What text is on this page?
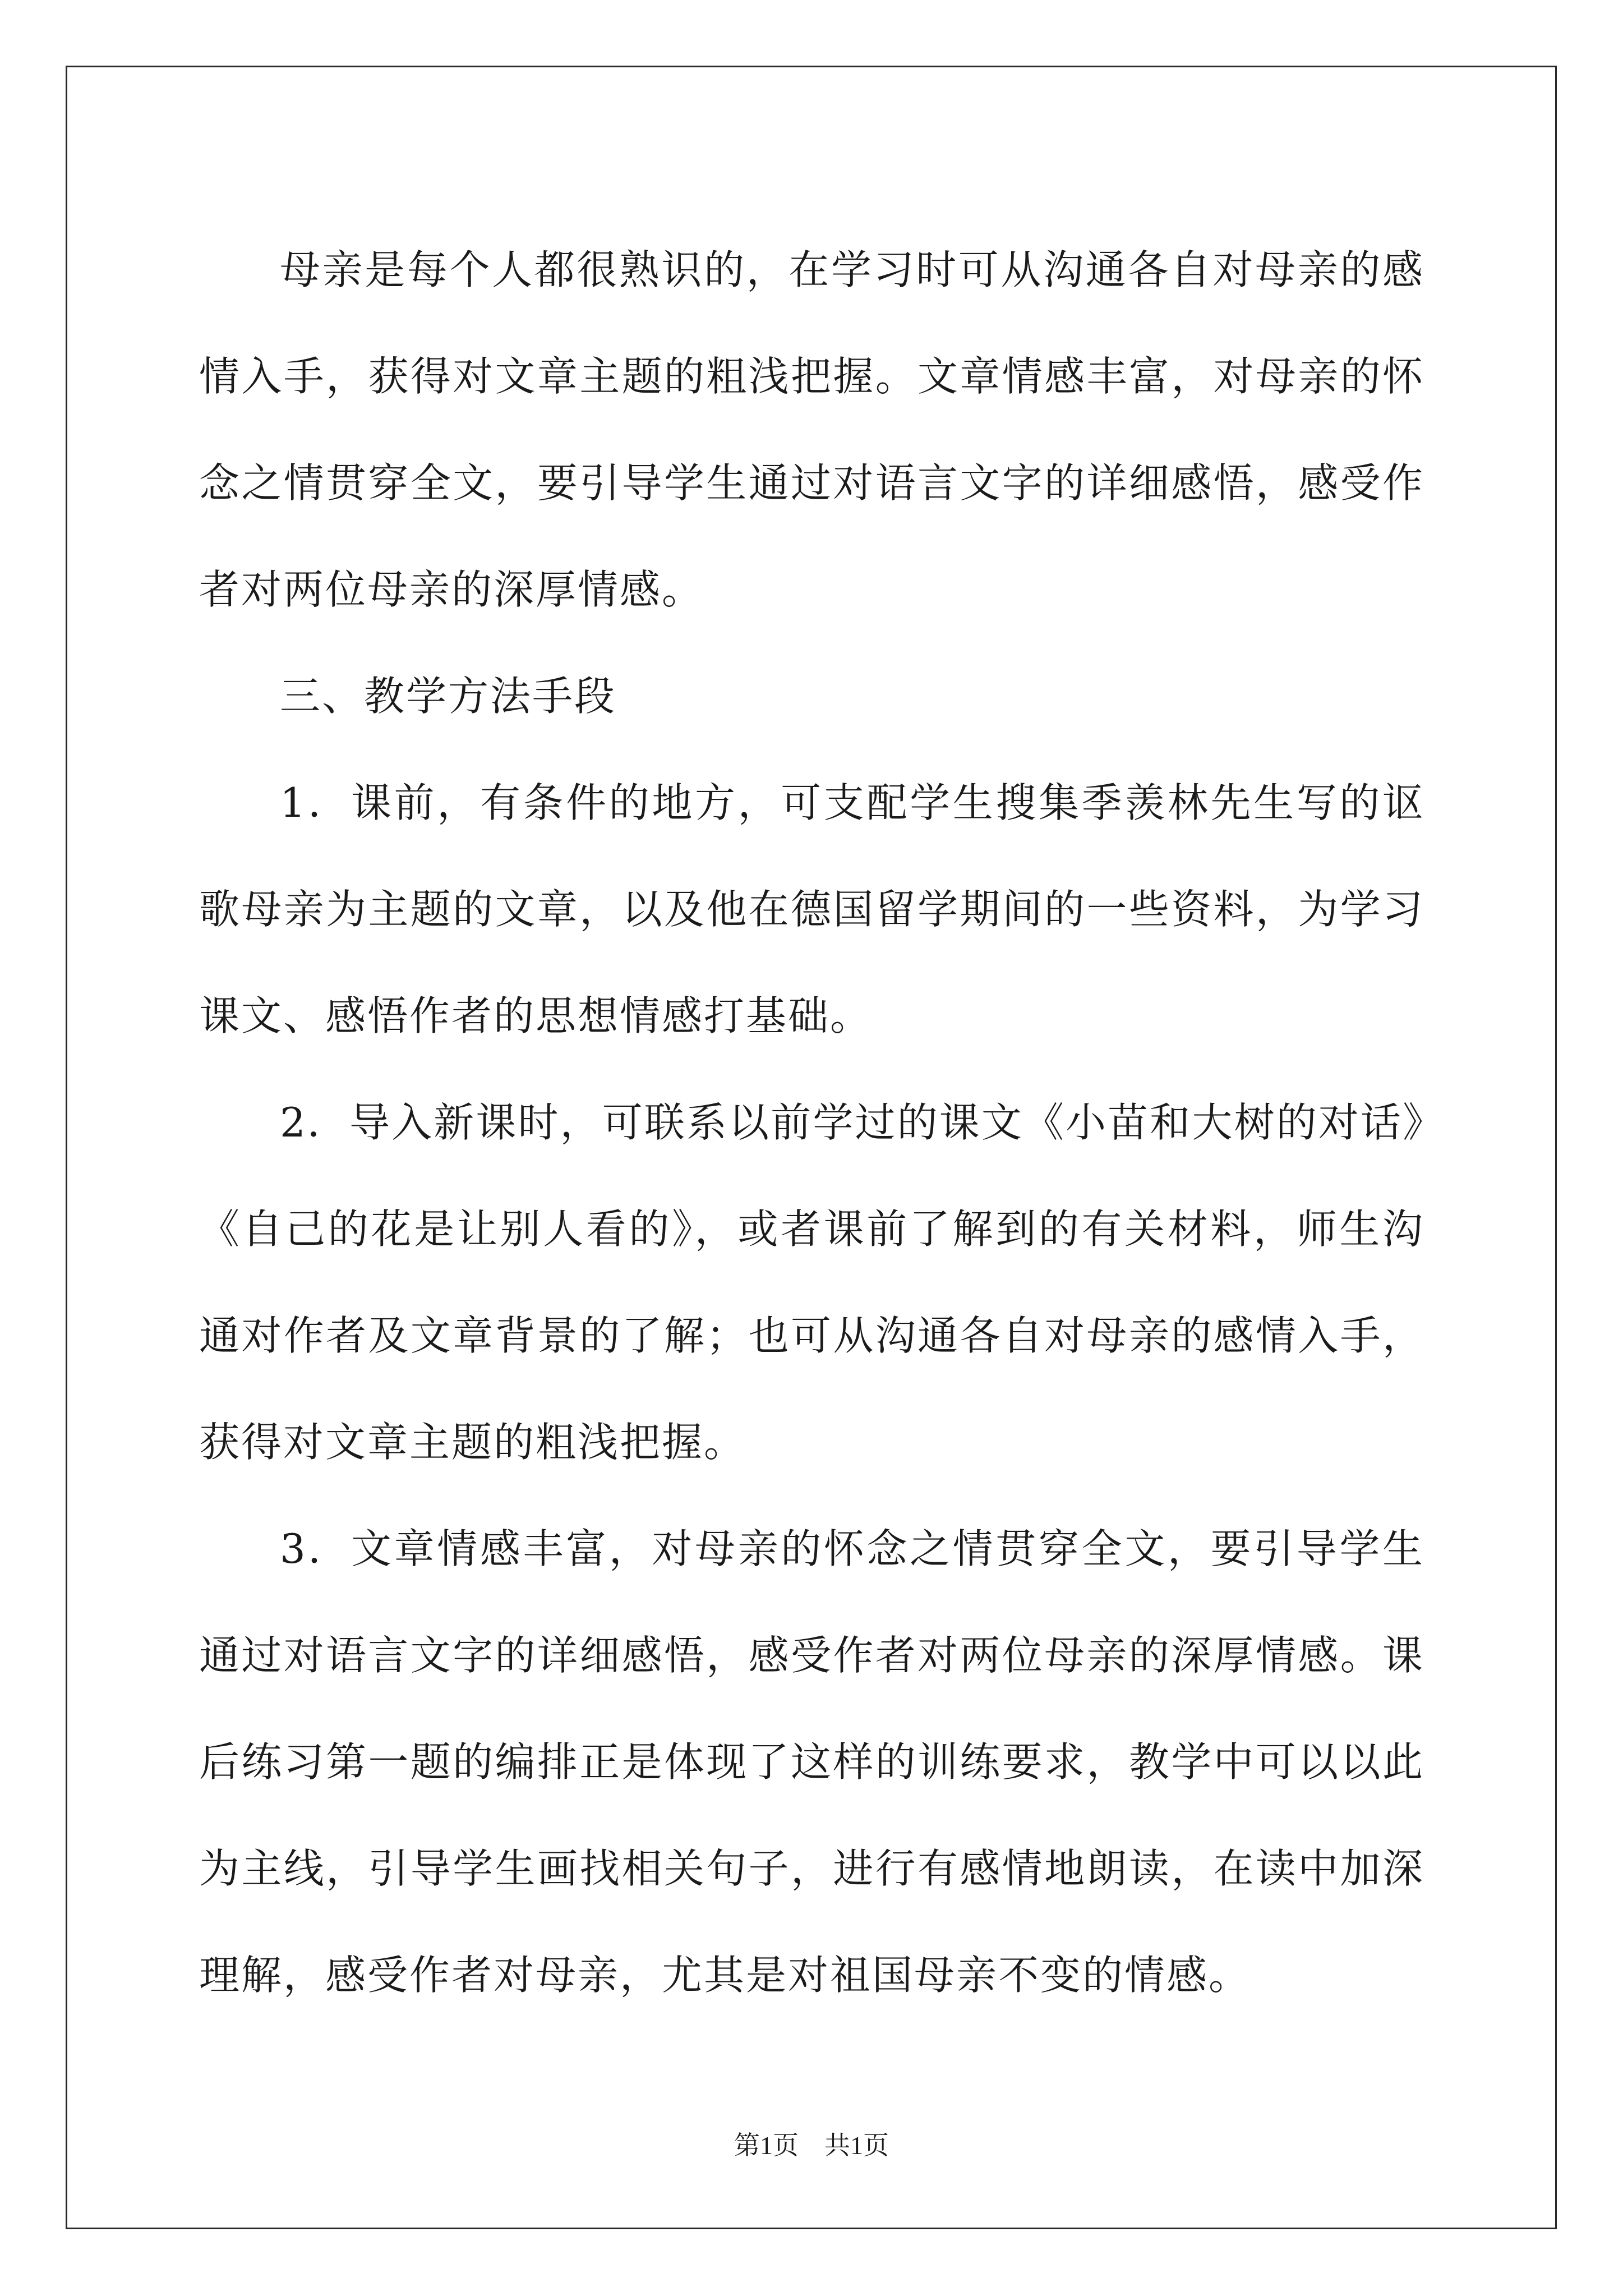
母亲是每个人都很熟识的，在学习时可从沟通各自对母亲的感情入手，获得对文章主题的粗浅把握。文章情感丰富，对母亲的怀念之情贯穿全文，要引导学生通过对语言文字的详细感悟，感受作者对两位母亲的深厚情感。

三、教学方法手段

1．课前，有条件的地方，可支配学生搜集季羡林先生写的讴歌母亲为主题的文章，以及他在德国留学期间的一些资料，为学习课文、感悟作者的思想情感打基础。

2．导入新课时，可联系以前学过的课文《小苗和大树的对话》《自己的花是让别人看的》，或者课前了解到的有关材料，师生沟通对作者及文章背景的了解；也可从沟通各自对母亲的感情入手，获得对文章主题的粗浅把握。

3．文章情感丰富，对母亲的怀念之情贯穿全文，要引导学生通过对语言文字的详细感悟，感受作者对两位母亲的深厚情感。课后练习第一题的编排正是体现了这样的训练要求，教学中可以以此为主线，引导学生画找相关句子，进行有感情地朗读，在读中加深理解，感受作者对母亲，尤其是对祖国母亲不变的情感。

第1页　共1页
